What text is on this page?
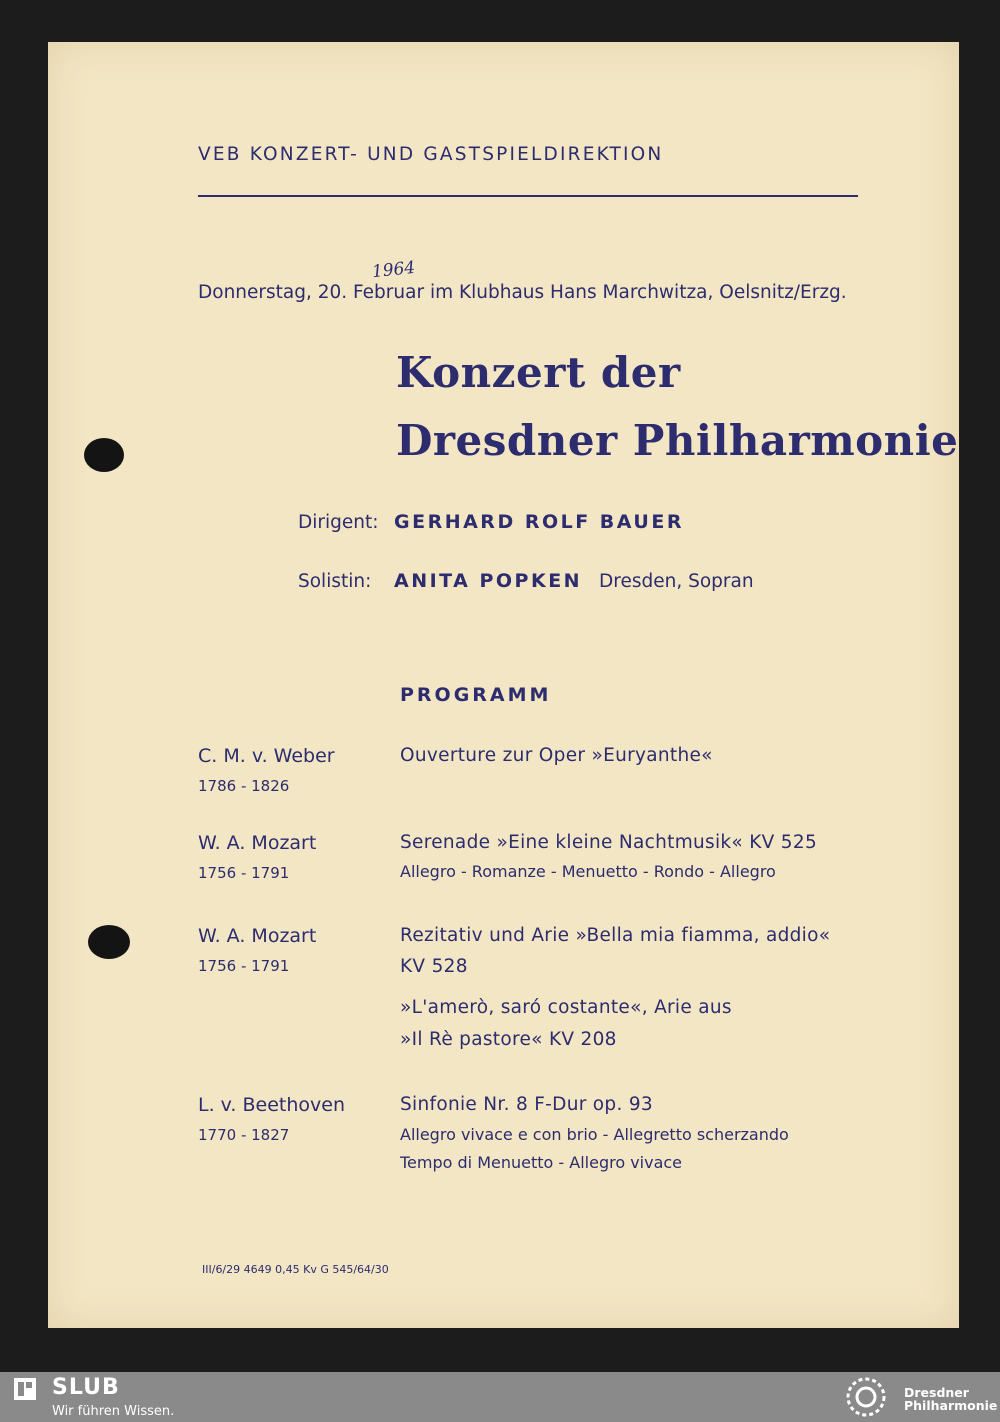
VEB KONZERT- UND GASTSPIELDIREKTION
1964
Donnerstag, 20. Februar im Klubhaus Hans Marchwitza, Oelsnitz/Erzg.
Konzert der
Dresdner Philharmonie
Dirigent: GERHARD ROLF BAUER
Solistin: ANITA POPKEN Dresden, Sopran
PROGRAMM
C. M. v. Weber
1786 - 1826
Ouverture zur Oper »Euryanthe«
W. A. Mozart
1756 - 1791
Serenade »Eine kleine Nachtmusik« KV 525
Allegro - Romanze - Menuetto - Rondo - Allegro
W. A. Mozart
1756 - 1791
Rezitativ und Arie »Bella mia fiamma, addio«
KV 528
»L'amerò, saró costante«, Arie aus
»Il Rè pastore« KV 208
L. v. Beethoven
1770 - 1827
Sinfonie Nr. 8 F-Dur op. 93
Allegro vivace e con brio - Allegretto scherzando
Tempo di Menuetto - Allegro vivace
III/6/29 4649 0,45 Kv G 545/64/30
SLUB
Wir führen Wissen.
Dresdner
Philharmonie
